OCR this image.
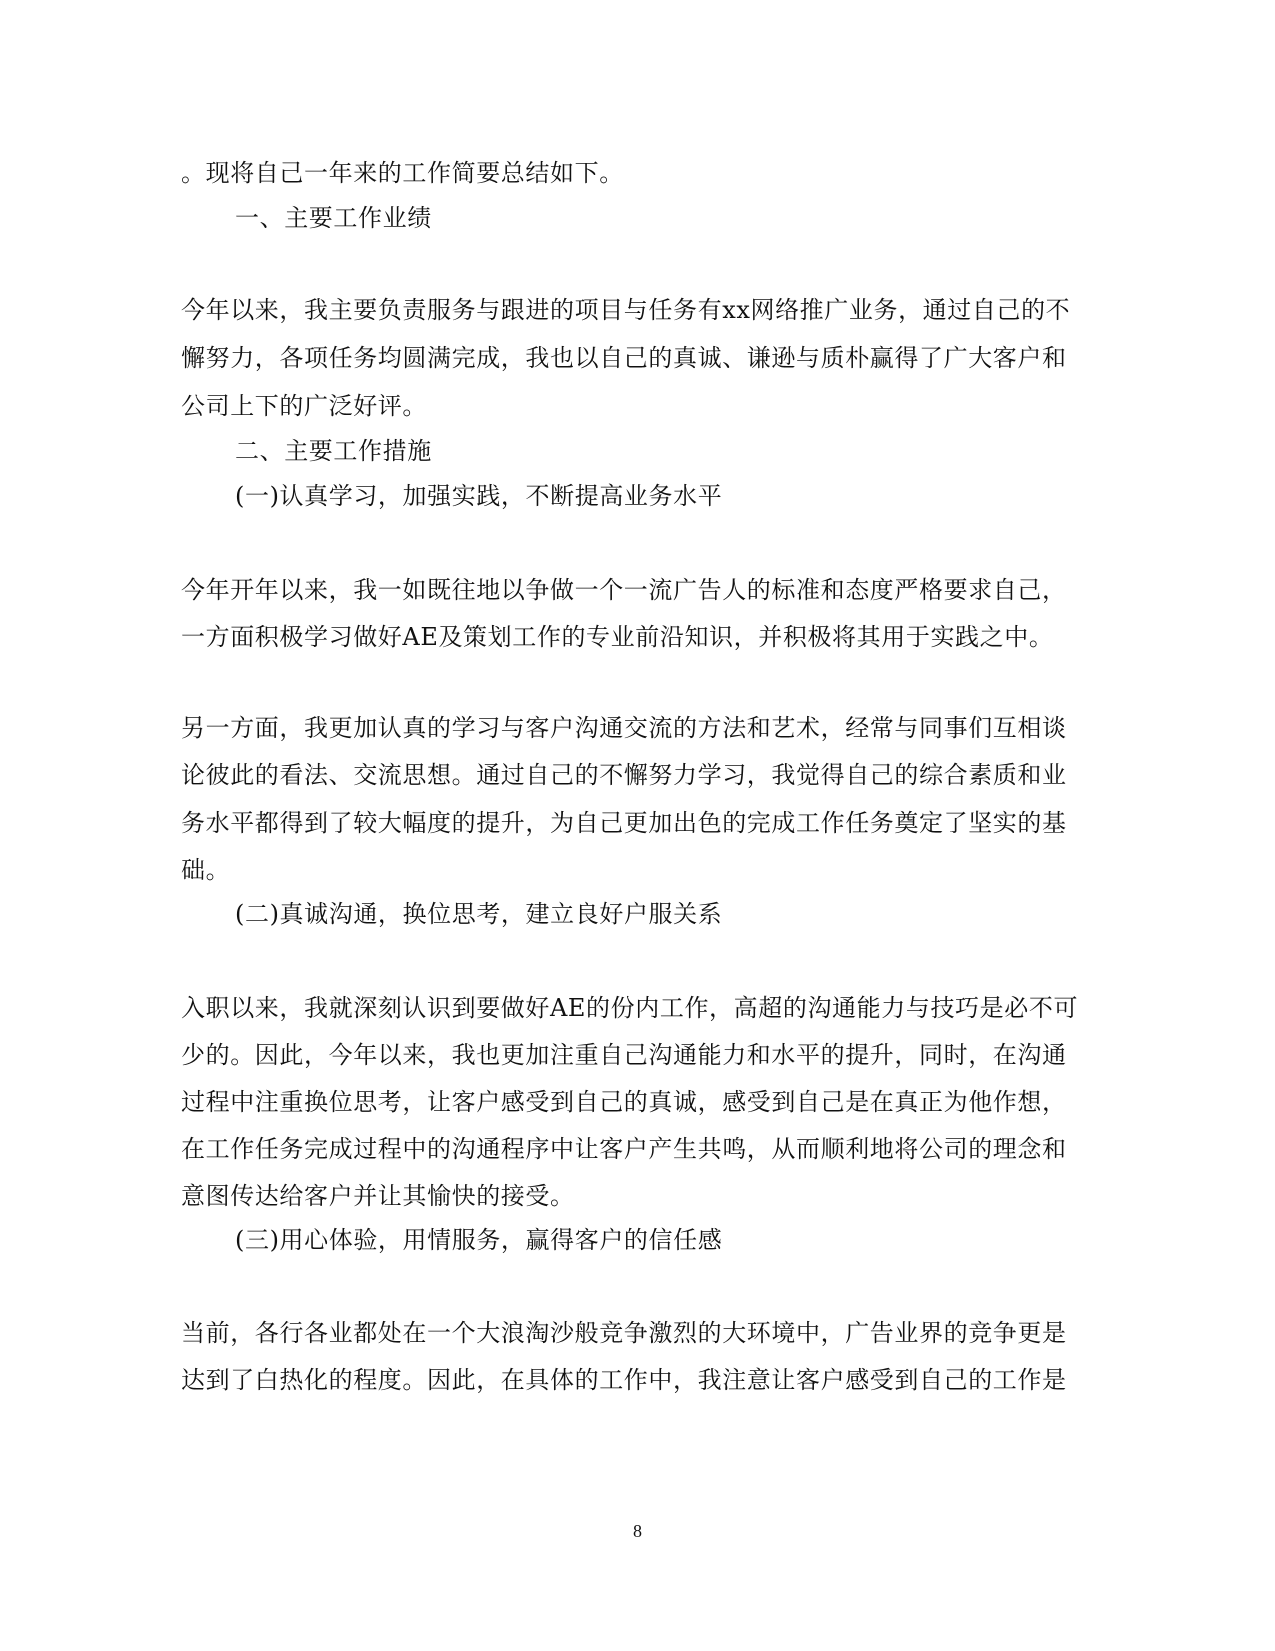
。现将自己一年来的工作简要总结如下。
一、主要工作业绩
今年以来，我主要负责服务与跟进的项目与任务有xx网络推广业务，通过自己的不
懈努力，各项任务均圆满完成，我也以自己的真诚、谦逊与质朴赢得了广大客户和
公司上下的广泛好评。
二、主要工作措施
(一)认真学习，加强实践，不断提高业务水平
今年开年以来，我一如既往地以争做一个一流广告人的标准和态度严格要求自己，
一方面积极学习做好AE及策划工作的专业前沿知识，并积极将其用于实践之中。
另一方面，我更加认真的学习与客户沟通交流的方法和艺术，经常与同事们互相谈
论彼此的看法、交流思想。通过自己的不懈努力学习，我觉得自己的综合素质和业
务水平都得到了较大幅度的提升，为自己更加出色的完成工作任务奠定了坚实的基
础。
(二)真诚沟通，换位思考，建立良好户服关系
入职以来，我就深刻认识到要做好AE的份内工作，高超的沟通能力与技巧是必不可
少的。因此，今年以来，我也更加注重自己沟通能力和水平的提升，同时，在沟通
过程中注重换位思考，让客户感受到自己的真诚，感受到自己是在真正为他作想，
在工作任务完成过程中的沟通程序中让客户产生共鸣，从而顺利地将公司的理念和
意图传达给客户并让其愉快的接受。
(三)用心体验，用情服务，赢得客户的信任感
当前，各行各业都处在一个大浪淘沙般竞争激烈的大环境中，广告业界的竞争更是
达到了白热化的程度。因此，在具体的工作中，我注意让客户感受到自己的工作是
8
